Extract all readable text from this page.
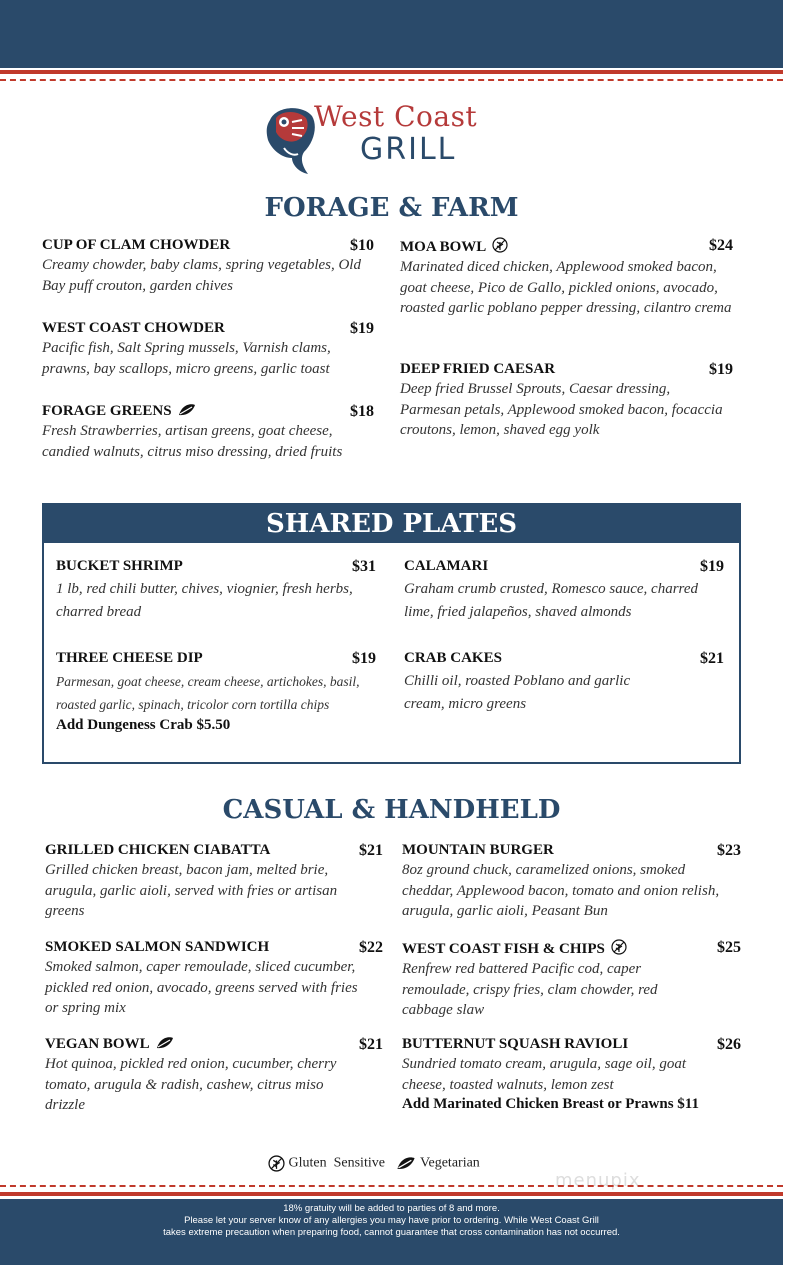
West Coast
GRILL
FORAGE & FARM
CUP OF CLAM CHOWDER	$10
Creamy chowder, baby clams, spring vegetables, Old Bay puff crouton, garden chives
WEST COAST CHOWDER	$19
Pacific fish, Salt Spring mussels, Varnish clams, prawns, bay scallops, micro greens, garlic toast
FORAGE GREENS	$18
Fresh Strawberries, artisan greens, goat cheese, candied walnuts, citrus miso dressing, dried fruits
MOA BOWL	$24
Marinated diced chicken, Applewood smoked bacon, goat cheese, Pico de Gallo, pickled onions, avocado, roasted garlic poblano pepper dressing, cilantro crema
DEEP FRIED CAESAR	$19
Deep fried Brussel Sprouts, Caesar dressing, Parmesan petals, Applewood smoked bacon, focaccia croutons, lemon, shaved egg yolk
SHARED PLATES
BUCKET SHRIMP	$31
1 lb, red chili butter, chives, viognier, fresh herbs, charred bread
THREE CHEESE DIP	$19
Parmesan, goat cheese, cream cheese, artichokes, basil, roasted garlic, spinach, tricolor corn tortilla chips
Add Dungeness Crab $5.50
CALAMARI	$19
Graham crumb crusted, Romesco sauce, charred lime, fried jalapeños, shaved almonds
CRAB CAKES	$21
Chilli oil, roasted Poblano and garlic cream, micro greens
CASUAL & HANDHELD
GRILLED CHICKEN CIABATTA	$21
Grilled chicken breast, bacon jam, melted brie, arugula, garlic aioli, served with fries or artisan greens
SMOKED SALMON SANDWICH	$22
Smoked salmon, caper remoulade, sliced cucumber, pickled red onion, avocado, greens served with fries or spring mix
VEGAN BOWL	$21
Hot quinoa, pickled red onion, cucumber, cherry tomato, arugula & radish, cashew, citrus miso drizzle
MOUNTAIN BURGER	$23
8oz ground chuck, caramelized onions, smoked cheddar, Applewood bacon, tomato and onion relish, arugula, garlic aioli, Peasant Bun
WEST COAST FISH & CHIPS	$25
Renfrew red battered Pacific cod, caper remoulade, crispy fries, clam chowder, red cabbage slaw
BUTTERNUT SQUASH RAVIOLI	$26
Sundried tomato cream, arugula, sage oil, goat cheese, toasted walnuts, lemon zest
Add Marinated Chicken Breast or Prawns $11
Gluten  Sensitive	Vegetarian
menupix
18% gratuity will be added to parties of 8 and more.
Please let your server know of any allergies you may have prior to ordering. While West Coast Grill
takes extreme precaution when preparing food, cannot guarantee that cross contamination has not occurred.
